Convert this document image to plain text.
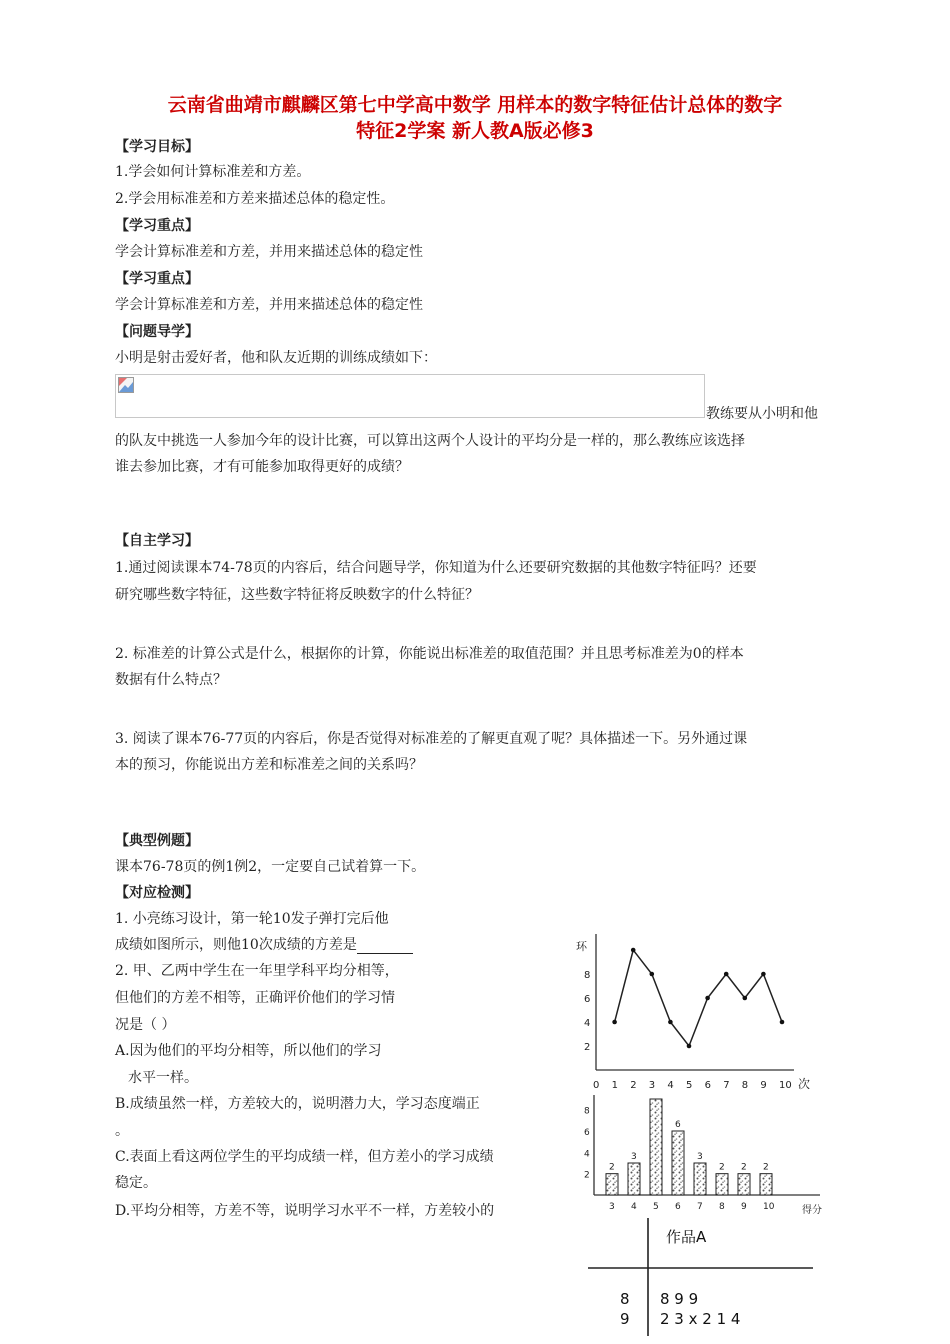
云南省曲靖市麒麟区第七中学高中数学 用样本的数字特征估计总体的数字
特征2学案 新人教A版必修3
【学习目标】
1.学会如何计算标准差和方差。
2.学会用标准差和方差来描述总体的稳定性。
【学习重点】
学会计算标准差和方差，并用来描述总体的稳定性
【学习重点】
学会计算标准差和方差，并用来描述总体的稳定性
【问题导学】
小明是射击爱好者，他和队友近期的训练成绩如下：
教练要从小明和他
的队友中挑选一人参加今年的设计比赛，可以算出这两个人设计的平均分是一样的，那么教练应该选择
谁去参加比赛，才有可能参加取得更好的成绩？
【自主学习】
1.通过阅读课本74-78页的内容后，结合问题导学，你知道为什么还要研究数据的其他数字特征吗？还要
研究哪些数字特征，这些数字特征将反映数字的什么特征？
2. 标准差的计算公式是什么，根据你的计算，你能说出标准差的取值范围？并且思考标准差为0的样本
数据有什么特点？
3. 阅读了课本76-77页的内容后，你是否觉得对标准差的了解更直观了呢？具体描述一下。另外通过课
本的预习，你能说出方差和标准差之间的关系吗？
【典型例题】
课本76-78页的例1例2，一定要自己试着算一下。
【对应检测】
1. 小亮练习设计，第一轮10发子弹打完后他
成绩如图所示，则他10次成绩的方差是
2. 甲、乙两中学生在一年里学科平均分相等，
但他们的方差不相等，正确评价他们的学习情
况是（ ）
A.因为他们的平均分相等，所以他们的学习
水平一样。
B.成绩虽然一样，方差较大的，说明潜力大，学习态度端正
。
C.表面上看这两位学生的平均成绩一样，但方差小的学习成绩
稳定。
D.平均分相等，方差不等，说明学习水平不一样，方差较小的
环
次
0 1 2 3 4 5 6 7 8 9 10
2
4
6
8
得分
2
4
6
8
3 4 5 6 7 8 9 10
2
3
6
3
2 2 2
作品A
8 8 9 9
9 2 3 x 2 1 4
